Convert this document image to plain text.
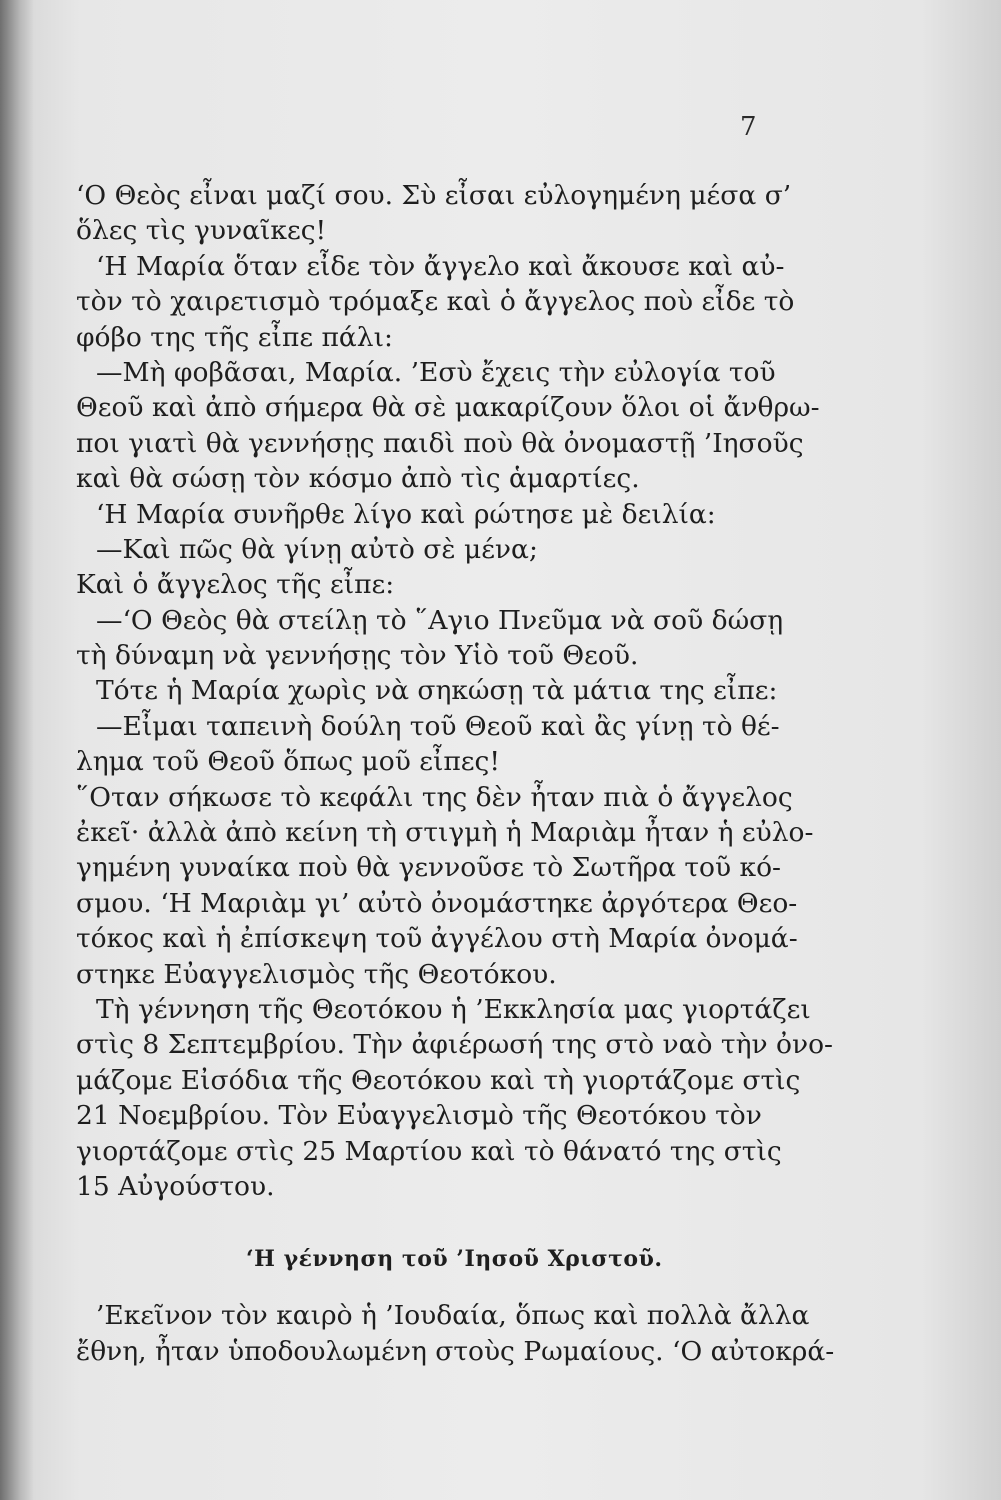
7
‘Ο Θεὸς εἶναι μαζί σου. Σὺ εἶσαι εὐλογημένη μέσα σ’
ὅλες τὶς γυναῖκες!
‘Η Μαρία ὅταν εἶδε τὸν ἄγγελο καὶ ἄκουσε καὶ αὐ-
τὸν τὸ χαιρετισμὸ τρόμαξε καὶ ὁ ἄγγελος ποὺ εἶδε τὸ
φόβο της τῆς εἶπε πάλι:
—Μὴ φοβᾶσαι, Μαρία. ’Εσὺ ἔχεις τὴν εὐλογία τοῦ
Θεοῦ καὶ ἀπὸ σήμερα θὰ σὲ μακαρίζουν ὅλοι οἱ ἄνθρω-
ποι γιατὶ θὰ γεννήσῃς παιδὶ ποὺ θὰ ὀνομαστῇ ’Ιησοῦς
καὶ θὰ σώσῃ τὸν κόσμο ἀπὸ τὶς ἁμαρτίες.
‘Η Μαρία συνῆρθε λίγο καὶ ρώτησε μὲ δειλία:
—Καὶ πῶς θὰ γίνῃ αὐτὸ σὲ μένα;
Καὶ ὁ ἄγγελος τῆς εἶπε:
—‘Ο Θεὸς θὰ στείλῃ τὸ ῞Αγιο Πνεῦμα νὰ σοῦ δώσῃ
τὴ δύναμη νὰ γεννήσῃς τὸν Υἱὸ τοῦ Θεοῦ.
Τότε ἡ Μαρία χωρὶς νὰ σηκώσῃ τὰ μάτια της εἶπε:
—Εἶμαι ταπεινὴ δούλη τοῦ Θεοῦ καὶ ἂς γίνῃ τὸ θέ-
λημα τοῦ Θεοῦ ὅπως μοῦ εἶπες!
῞Οταν σήκωσε τὸ κεφάλι της δὲν ἦταν πιὰ ὁ ἄγγελος
ἐκεῖ· ἀλλὰ ἀπὸ κείνη τὴ στιγμὴ ἡ Μαριὰμ ἦταν ἡ εὐλο-
γημένη γυναίκα ποὺ θὰ γεννοῦσε τὸ Σωτῆρα τοῦ κό-
σμου. ‘Η Μαριὰμ γι’ αὐτὸ ὀνομάστηκε ἀργότερα Θεο-
τόκος καὶ ἡ ἐπίσκεψη τοῦ ἀγγέλου στὴ Μαρία ὀνομά-
στηκε Εὐαγγελισμὸς τῆς Θεοτόκου.
Τὴ γέννηση τῆς Θεοτόκου ἡ ’Εκκλησία μας γιορτάζει
στὶς 8 Σεπτεμβρίου. Τὴν ἀφιέρωσή της στὸ ναὸ τὴν ὀνο-
μάζομε Εἰσόδια τῆς Θεοτόκου καὶ τὴ γιορτάζομε στὶς
21 Νοεμβρίου. Τὸν Εὐαγγελισμὸ τῆς Θεοτόκου τὸν
γιορτάζομε στὶς 25 Μαρτίου καὶ τὸ θάνατό της στὶς
15 Αὐγούστου.
‘Η γέννηση τοῦ ’Ιησοῦ Χριστοῦ.
’Εκεῖνον τὸν καιρὸ ἡ ’Ιουδαία, ὅπως καὶ πολλὰ ἄλλα
ἔθνη, ἦταν ὑποδουλωμένη στοὺς Ρωμαίους. ‘Ο αὐτοκρά-
